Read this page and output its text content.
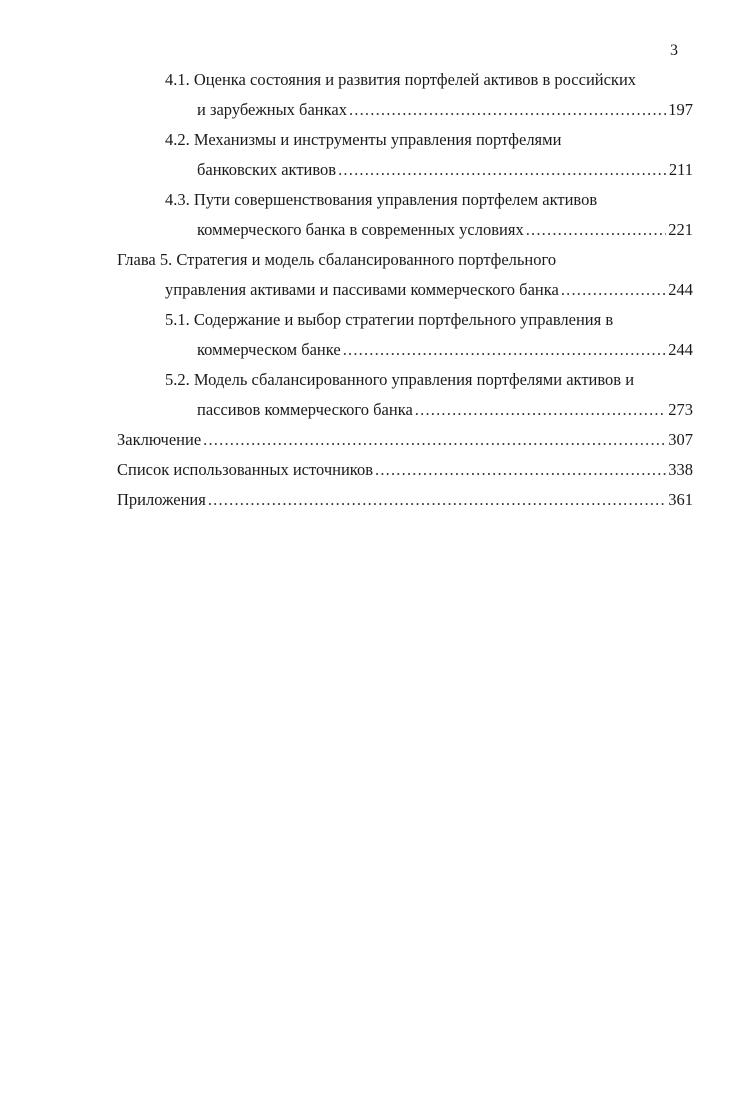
3
4.1. Оценка состояния и развития портфелей активов в российских
и зарубежных банках .....	197
4.2. Механизмы и инструменты управления портфелями
банковских активов .....	211
4.3. Пути совершенствования управления портфелем активов
коммерческого банка в современных условиях .....	221
Глава 5. Стратегия и модель сбалансированного портфельного
управления активами и пассивами коммерческого банка .....	244
5.1. Содержание и выбор стратегии портфельного управления в
коммерческом банке .....	244
5.2. Модель сбалансированного управления портфелями активов и
пассивов коммерческого банка .....	273
Заключение .....	307
Список использованных источников .....	338
Приложения .....	361
